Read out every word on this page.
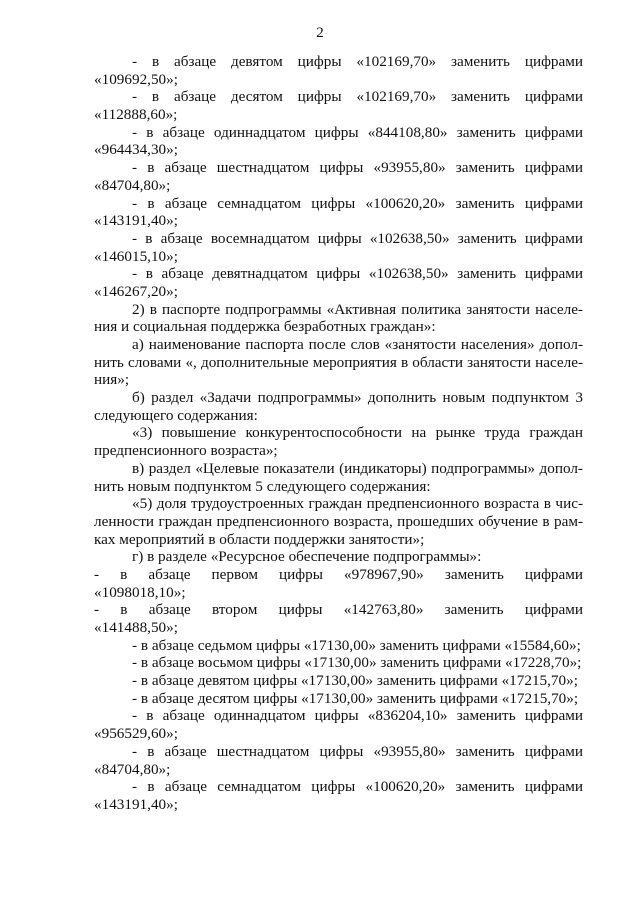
2
- в абзаце девятом цифры «102169,70» заменить цифрами
«109692,50»;
- в абзаце десятом цифры «102169,70» заменить цифрами
«112888,60»;
- в абзаце одиннадцатом цифры «844108,80» заменить цифрами
«964434,30»;
- в абзаце шестнадцатом цифры «93955,80» заменить цифрами
«84704,80»;
- в абзаце семнадцатом цифры «100620,20» заменить цифрами
«143191,40»;
- в абзаце восемнадцатом цифры «102638,50» заменить цифрами
«146015,10»;
- в абзаце девятнадцатом цифры «102638,50» заменить цифрами
«146267,20»;
2) в паспорте подпрограммы «Активная политика занятости населе-
ния и социальная поддержка безработных граждан»:
а) наименование паспорта после слов «занятости населения» допол-
нить словами «, дополнительные мероприятия в области занятости населе-
ния»;
б) раздел «Задачи подпрограммы» дополнить новым подпунктом 3
следующего содержания:
«3) повышение конкурентоспособности на рынке труда граждан
предпенсионного возраста»;
в) раздел «Целевые показатели (индикаторы) подпрограммы» допол-
нить новым подпунктом 5 следующего содержания:
«5) доля трудоустроенных граждан предпенсионного возраста в чис-
ленности граждан предпенсионного возраста, прошедших обучение в рам-
ках мероприятий в области поддержки занятости»;
г) в разделе «Ресурсное обеспечение подпрограммы»:
- в абзаце первом цифры «978967,90» заменить цифрами
«1098018,10»;
- в абзаце втором цифры «142763,80» заменить цифрами
«141488,50»;
- в абзаце седьмом цифры «17130,00» заменить цифрами «15584,60»;
- в абзаце восьмом цифры «17130,00» заменить цифрами «17228,70»;
- в абзаце девятом цифры «17130,00» заменить цифрами «17215,70»;
- в абзаце десятом цифры «17130,00» заменить цифрами «17215,70»;
- в абзаце одиннадцатом цифры «836204,10» заменить цифрами
«956529,60»;
- в абзаце шестнадцатом цифры «93955,80» заменить цифрами
«84704,80»;
- в абзаце семнадцатом цифры «100620,20» заменить цифрами
«143191,40»;
